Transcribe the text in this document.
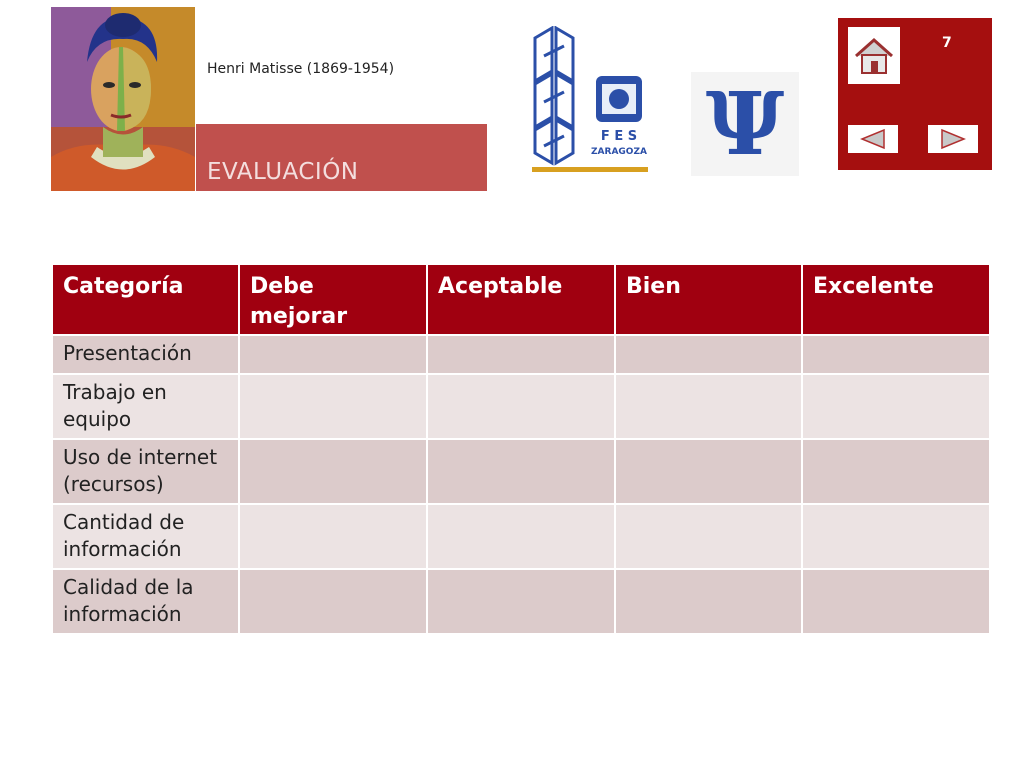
Henri Matisse (1869-1954)
EVALUACIÓN
F E S
ZARAGOZA Ψ
7
Categoría	Debe mejorar	Aceptable	Bien	Excelente
Presentación				
Trabajo en equipo				
Uso de internet (recursos)				
Cantidad de información				
Calidad de la información				
